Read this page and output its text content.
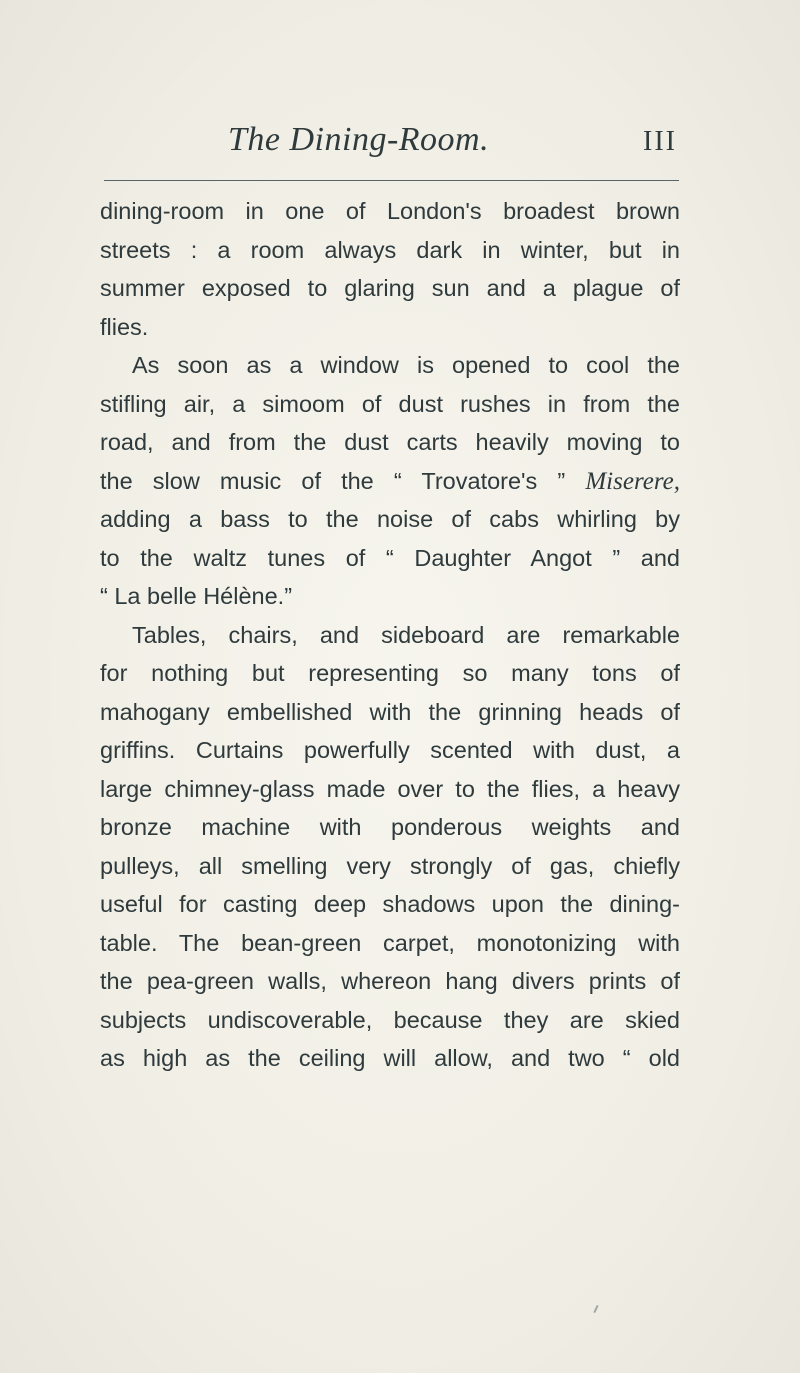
The Dining-Room.	III
dining-room in one of London's broadest brown
streets : a room always dark in winter, but in
summer exposed to glaring sun and a plague of
flies.
As soon as a window is opened to cool the
stifling air, a simoom of dust rushes in from the
road, and from the dust carts heavily moving to
the slow music of the “ Trovatore's ” Miserere,
adding a bass to the noise of cabs whirling by
to the waltz tunes of “ Daughter Angot ” and
“ La belle Hélène.”
Tables, chairs, and sideboard are remarkable
for nothing but representing so many tons of
mahogany embellished with the grinning heads of
griffins. Curtains powerfully scented with dust, a
large chimney-glass made over to the flies, a heavy
bronze machine with ponderous weights and
pulleys, all smelling very strongly of gas, chiefly
useful for casting deep shadows upon the dining-
table. The bean-green carpet, monotonizing with
the pea-green walls, whereon hang divers prints of
subjects undiscoverable, because they are skied
as high as the ceiling will allow, and two “ old
